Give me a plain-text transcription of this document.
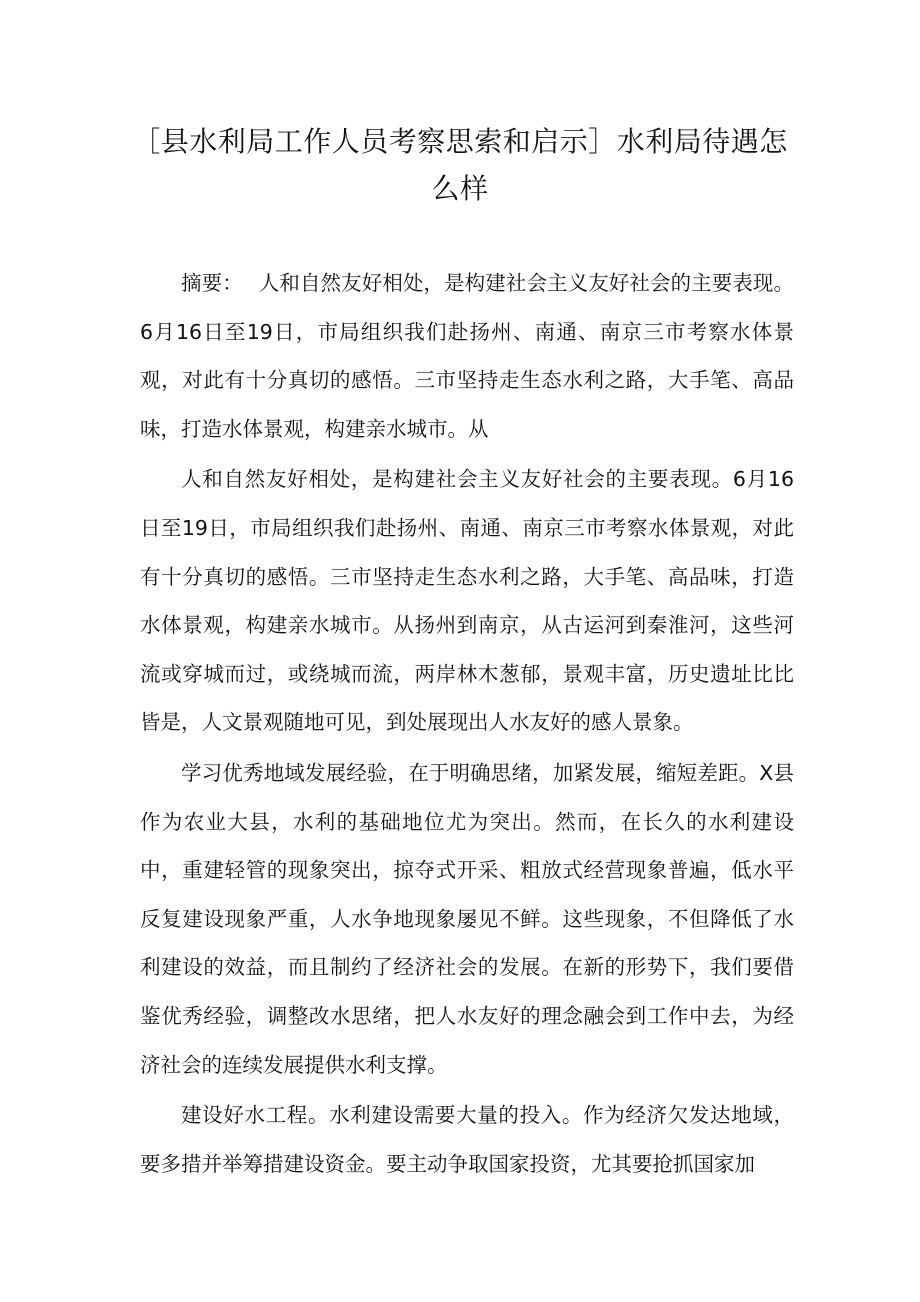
［县水利局工作人员考察思索和启示］水利局待遇怎么样

摘要： 人和自然友好相处，是构建社会主义友好社会的主要表现。6月16日至19日，市局组织我们赴扬州、南通、南京三市考察水体景观，对此有十分真切的感悟。三市坚持走生态水利之路，大手笔、高品味，打造水体景观，构建亲水城市。从

人和自然友好相处，是构建社会主义友好社会的主要表现。6月16日至19日，市局组织我们赴扬州、南通、南京三市考察水体景观，对此有十分真切的感悟。三市坚持走生态水利之路，大手笔、高品味，打造水体景观，构建亲水城市。从扬州到南京，从古运河到秦淮河，这些河流或穿城而过，或绕城而流，两岸林木葱郁，景观丰富，历史遗址比比皆是，人文景观随地可见，到处展现出人水友好的感人景象。

学习优秀地域发展经验，在于明确思绪，加紧发展，缩短差距。X县作为农业大县，水利的基础地位尤为突出。然而，在长久的水利建设中，重建轻管的现象突出，掠夺式开采、粗放式经营现象普遍，低水平反复建设现象严重，人水争地现象屡见不鲜。这些现象，不但降低了水利建设的效益，而且制约了经济社会的发展。在新的形势下，我们要借鉴优秀经验，调整改水思绪，把人水友好的理念融会到工作中去，为经济社会的连续发展提供水利支撑。

建设好水工程。水利建设需要大量的投入。作为经济欠发达地域，要多措并举筹措建设资金。要主动争取国家投资，尤其要抢抓国家加
